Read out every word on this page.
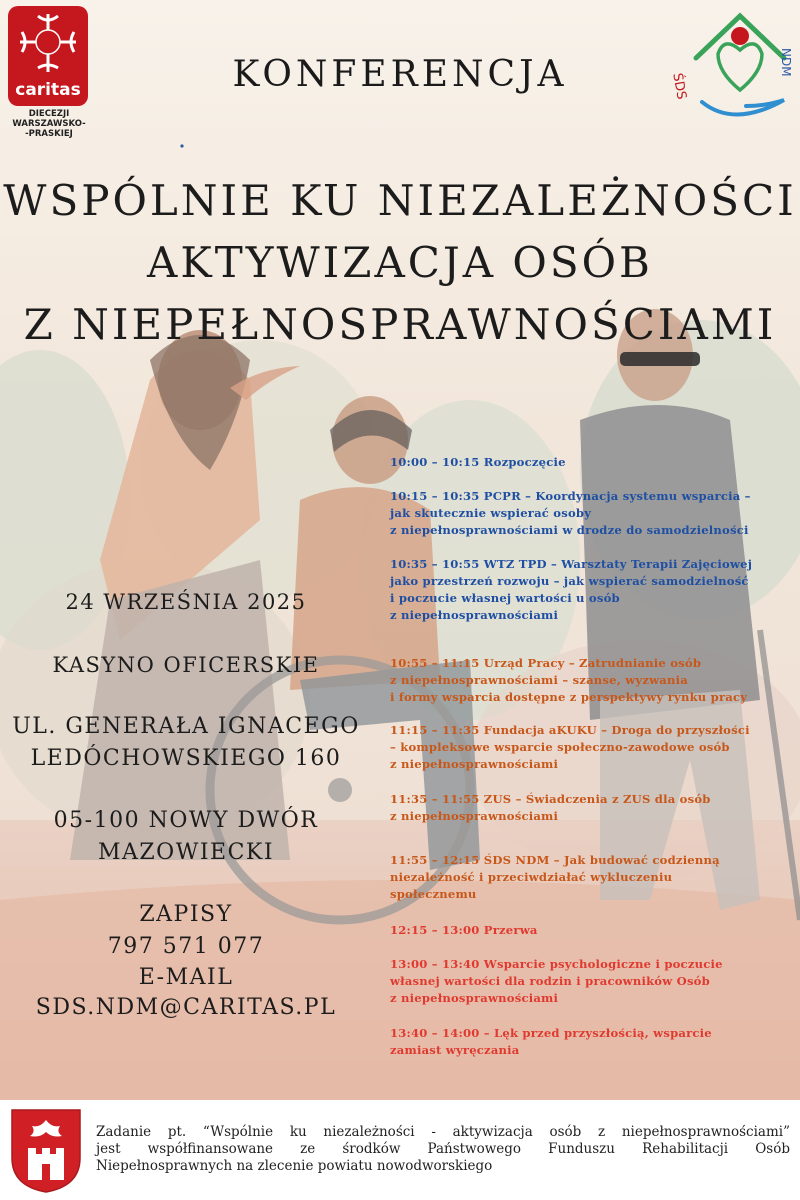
caritas
DIECEZJI
WARSZAWSKO-
-PRASKIEJ
ŚDS
NDM
KONFERENCJA
WSPÓLNIE KU NIEZALEŻNOŚCI
AKTYWIZACJA OSÓB
Z NIEPEŁNOSPRAWNOŚCIAMI
24 WRZEŚNIA 2025
KASYNO OFICERSKIE
UL. GENERAŁA IGNACEGO
LEDÓCHOWSKIEGO 160
05-100 NOWY DWÓR
MAZOWIECKI
ZAPISY
797 571 077
E-MAIL
SDS.NDM@CARITAS.PL
10:00 – 10:15 Rozpoczęcie
10:15 – 10:35 PCPR – Koordynacja systemu wsparcia –
jak skutecznie wspierać osoby
z niepełnosprawnościami w drodze do samodzielności
10:35 – 10:55 WTZ TPD – Warsztaty Terapii Zajęciowej
jako przestrzeń rozwoju – jak wspierać samodzielność
i poczucie własnej wartości u osób
z niepełnosprawnościami
10:55 – 11:15 Urząd Pracy – Zatrudnianie osób
z niepełnosprawnościami – szanse, wyzwania
i formy wsparcia dostępne z perspektywy rynku pracy
11:15 – 11:35 Fundacja aKUKU – Droga do przyszłości
– kompleksowe wsparcie społeczno-zawodowe osób
z niepełnosprawnościami
11:35 – 11:55 ZUS – Świadczenia z ZUS dla osób
z niepełnosprawnościami
11:55 – 12:15 ŚDS NDM – Jak budować codzienną
niezależność i przeciwdziałać wykluczeniu
społecznemu
12:15 – 13:00 Przerwa
13:00 – 13:40 Wsparcie psychologiczne i poczucie
własnej wartości dla rodzin i pracowników Osób
z niepełnosprawnościami
13:40 – 14:00 – Lęk przed przyszłością, wsparcie
zamiast wyręczania
Zadanie pt. “Wspólnie ku niezależności - aktywizacja osób z niepełnosprawnościami”
jest współfinansowane ze środków Państwowego Funduszu Rehabilitacji Osób
Niepełnosprawnych na zlecenie powiatu nowodworskiego
